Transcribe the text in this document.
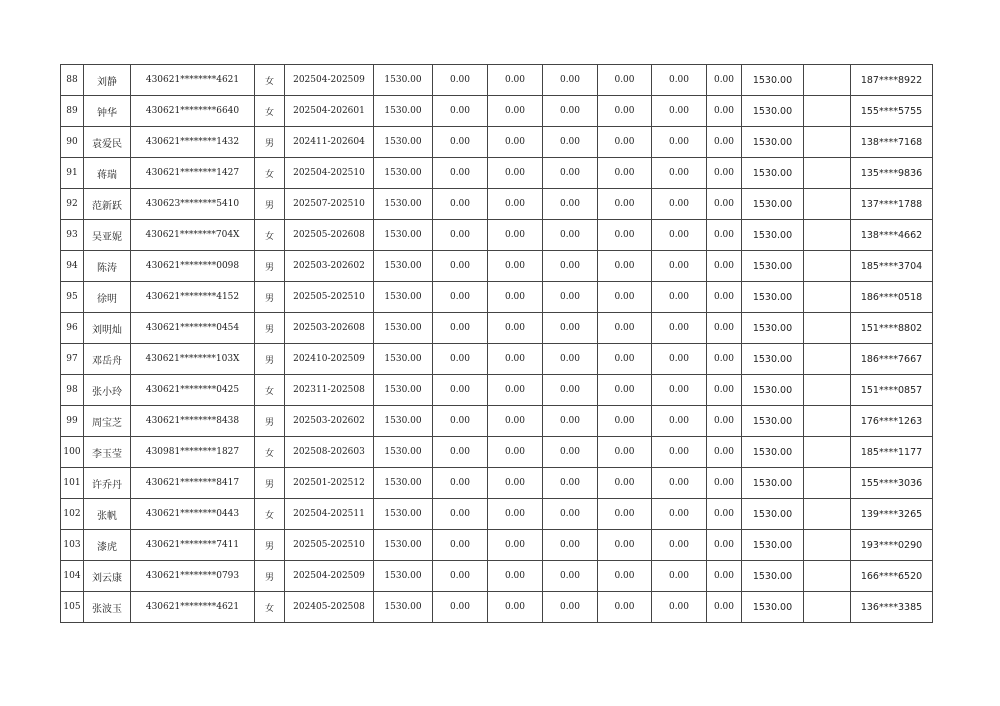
88	刘静	430621********4621	女	202504-202509	1530.00	0.00	0.00	0.00	0.00	0.00	0.00	1530.00		187****8922
89	钟华	430621********6640	女	202504-202601	1530.00	0.00	0.00	0.00	0.00	0.00	0.00	1530.00		155****5755
90	袁爱民	430621********1432	男	202411-202604	1530.00	0.00	0.00	0.00	0.00	0.00	0.00	1530.00		138****7168
91	蒋瑞	430621********1427	女	202504-202510	1530.00	0.00	0.00	0.00	0.00	0.00	0.00	1530.00		135****9836
92	范新跃	430623********5410	男	202507-202510	1530.00	0.00	0.00	0.00	0.00	0.00	0.00	1530.00		137****1788
93	吴亚妮	430621********704X	女	202505-202608	1530.00	0.00	0.00	0.00	0.00	0.00	0.00	1530.00		138****4662
94	陈涛	430621********0098	男	202503-202602	1530.00	0.00	0.00	0.00	0.00	0.00	0.00	1530.00		185****3704
95	徐明	430621********4152	男	202505-202510	1530.00	0.00	0.00	0.00	0.00	0.00	0.00	1530.00		186****0518
96	刘明灿	430621********0454	男	202503-202608	1530.00	0.00	0.00	0.00	0.00	0.00	0.00	1530.00		151****8802
97	邓岳舟	430621********103X	男	202410-202509	1530.00	0.00	0.00	0.00	0.00	0.00	0.00	1530.00		186****7667
98	张小玲	430621********0425	女	202311-202508	1530.00	0.00	0.00	0.00	0.00	0.00	0.00	1530.00		151****0857
99	周宝芝	430621********8438	男	202503-202602	1530.00	0.00	0.00	0.00	0.00	0.00	0.00	1530.00		176****1263
100	李玉莹	430981********1827	女	202508-202603	1530.00	0.00	0.00	0.00	0.00	0.00	0.00	1530.00		185****1177
101	许乔丹	430621********8417	男	202501-202512	1530.00	0.00	0.00	0.00	0.00	0.00	0.00	1530.00		155****3036
102	张帆	430621********0443	女	202504-202511	1530.00	0.00	0.00	0.00	0.00	0.00	0.00	1530.00		139****3265
103	漆虎	430621********7411	男	202505-202510	1530.00	0.00	0.00	0.00	0.00	0.00	0.00	1530.00		193****0290
104	刘云康	430621********0793	男	202504-202509	1530.00	0.00	0.00	0.00	0.00	0.00	0.00	1530.00		166****6520
105	张波玉	430621********4621	女	202405-202508	1530.00	0.00	0.00	0.00	0.00	0.00	0.00	1530.00		136****3385
